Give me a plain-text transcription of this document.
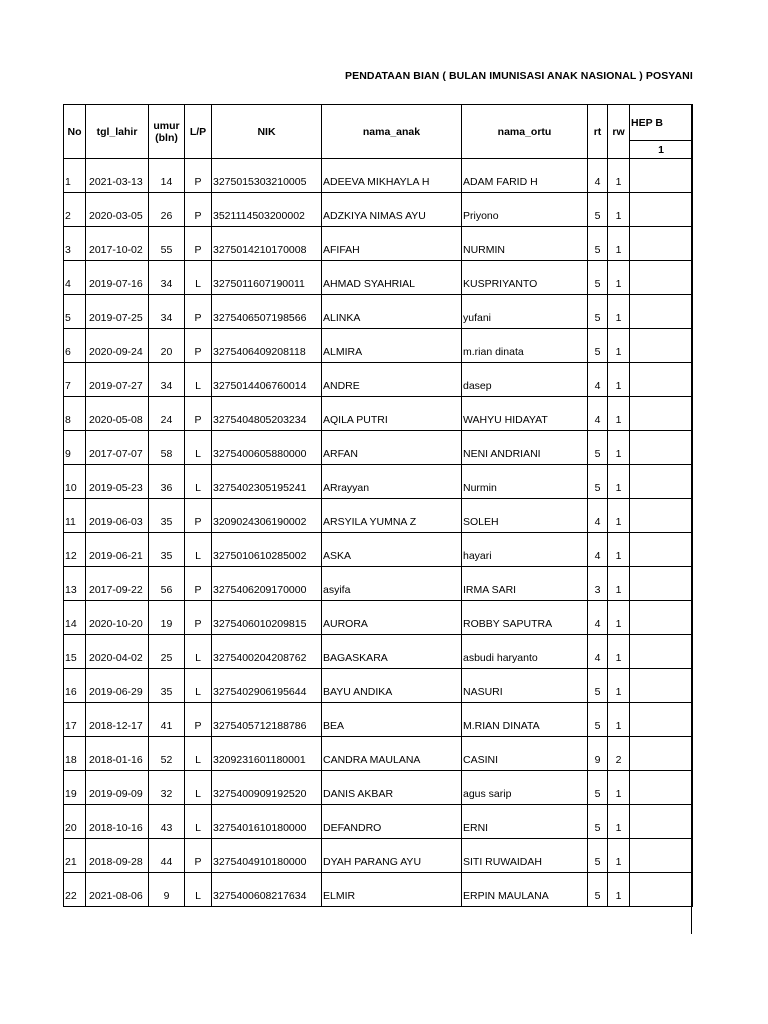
PENDATAAN BIAN ( BULAN IMUNISASI ANAK NASIONAL ) POSYANI
No	tgl_lahir	umur
(bln)	L/P	NIK	nama_anak	nama_ortu	rt	rw	HEP B
									1
1	2021-03-13	14	P	3275015303210005	ADEEVA MIKHAYLA H	ADAM FARID H	4	1	
2	2020-03-05	26	P	3521114503200002	ADZKIYA NIMAS AYU	Priyono	5	1	
3	2017-10-02	55	P	3275014210170008	AFIFAH	NURMIN	5	1	
4	2019-07-16	34	L	3275011607190011	AHMAD SYAHRIAL	KUSPRIYANTO	5	1	
5	2019-07-25	34	P	3275406507198566	ALINKA	yufani	5	1	
6	2020-09-24	20	P	3275406409208118	ALMIRA	m.rian dinata	5	1	
7	2019-07-27	34	L	3275014406760014	ANDRE	dasep	4	1	
8	2020-05-08	24	P	3275404805203234	AQILA PUTRI	WAHYU HIDAYAT	4	1	
9	2017-07-07	58	L	3275400605880000	ARFAN	NENI ANDRIANI	5	1	
10	2019-05-23	36	L	3275402305195241	ARrayyan	Nurmin	5	1	
11	2019-06-03	35	P	3209024306190002	ARSYILA YUMNA Z	SOLEH	4	1	
12	2019-06-21	35	L	3275010610285002	ASKA	hayari	4	1	
13	2017-09-22	56	P	3275406209170000	asyifa	IRMA SARI	3	1	
14	2020-10-20	19	P	3275406010209815	AURORA	ROBBY SAPUTRA	4	1	
15	2020-04-02	25	L	3275400204208762	BAGASKARA	asbudi haryanto	4	1	
16	2019-06-29	35	L	3275402906195644	BAYU ANDIKA	NASURI	5	1	
17	2018-12-17	41	P	3275405712188786	BEA	M.RIAN DINATA	5	1	
18	2018-01-16	52	L	3209231601180001	CANDRA MAULANA	CASINI	9	2	
19	2019-09-09	32	L	3275400909192520	DANIS AKBAR	agus sarip	5	1	
20	2018-10-16	43	L	3275401610180000	DEFANDRO	ERNI	5	1	
21	2018-09-28	44	P	3275404910180000	DYAH PARANG AYU	SITI RUWAIDAH	5	1	
22	2021-08-06	9	L	3275400608217634	ELMIR	ERPIN MAULANA	5	1	
